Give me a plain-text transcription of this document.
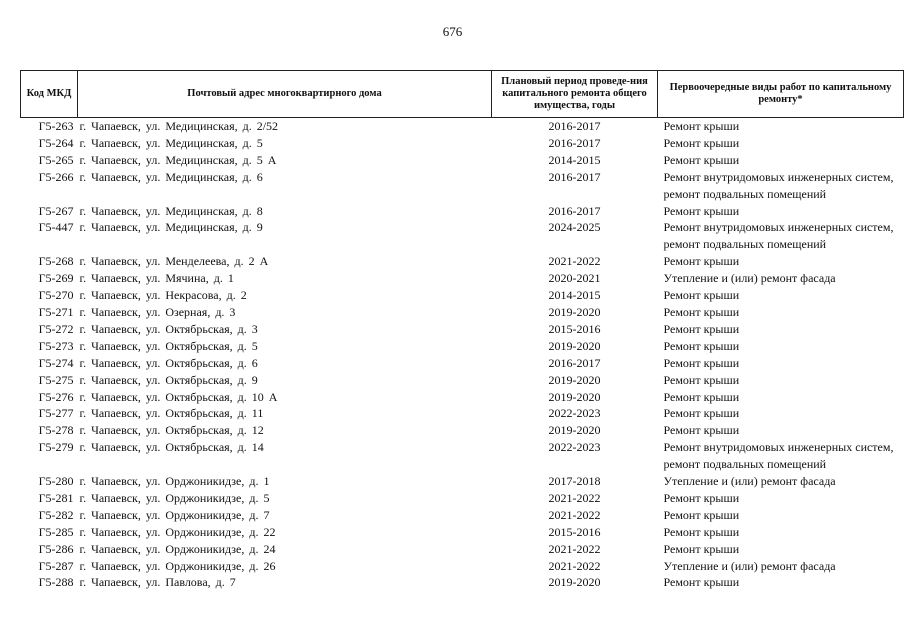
676
Код МКД	Почтовый адрес многоквартирного дома	Плановый период проведе-ния капитального ремонта общего имущества, годы	Первоочередные виды работ по капитальному ремонту*
Г5-263	г. Чапаевск, ул. Медицинская, д. 2/52	2016-2017	Ремонт крыши
Г5-264	г. Чапаевск, ул. Медицинская, д. 5	2016-2017	Ремонт крыши
Г5-265	г. Чапаевск, ул. Медицинская, д. 5 А	2014-2015	Ремонт крыши
Г5-266	г. Чапаевск, ул. Медицинская, д. 6	2016-2017	Ремонт внутридомовых инженерных систем, ремонт подвальных помещений
Г5-267	г. Чапаевск, ул. Медицинская, д. 8	2016-2017	Ремонт крыши
Г5-447	г. Чапаевск, ул. Медицинская, д. 9	2024-2025	Ремонт внутридомовых инженерных систем, ремонт подвальных помещений
Г5-268	г. Чапаевск, ул. Менделеева, д. 2 А	2021-2022	Ремонт крыши
Г5-269	г. Чапаевск, ул. Мячина, д. 1	2020-2021	Утепление и (или) ремонт фасада
Г5-270	г. Чапаевск, ул. Некрасова, д. 2	2014-2015	Ремонт крыши
Г5-271	г. Чапаевск, ул. Озерная, д. 3	2019-2020	Ремонт крыши
Г5-272	г. Чапаевск, ул. Октябрьская, д. 3	2015-2016	Ремонт крыши
Г5-273	г. Чапаевск, ул. Октябрьская, д. 5	2019-2020	Ремонт крыши
Г5-274	г. Чапаевск, ул. Октябрьская, д. 6	2016-2017	Ремонт крыши
Г5-275	г. Чапаевск, ул. Октябрьская, д. 9	2019-2020	Ремонт крыши
Г5-276	г. Чапаевск, ул. Октябрьская, д. 10 А	2019-2020	Ремонт крыши
Г5-277	г. Чапаевск, ул. Октябрьская, д. 11	2022-2023	Ремонт крыши
Г5-278	г. Чапаевск, ул. Октябрьская, д. 12	2019-2020	Ремонт крыши
Г5-279	г. Чапаевск, ул. Октябрьская, д. 14	2022-2023	Ремонт внутридомовых инженерных систем, ремонт подвальных помещений
Г5-280	г. Чапаевск, ул. Орджоникидзе, д. 1	2017-2018	Утепление и (или) ремонт фасада
Г5-281	г. Чапаевск, ул. Орджоникидзе, д. 5	2021-2022	Ремонт крыши
Г5-282	г. Чапаевск, ул. Орджоникидзе, д. 7	2021-2022	Ремонт крыши
Г5-285	г. Чапаевск, ул. Орджоникидзе, д. 22	2015-2016	Ремонт крыши
Г5-286	г. Чапаевск, ул. Орджоникидзе, д. 24	2021-2022	Ремонт крыши
Г5-287	г. Чапаевск, ул. Орджоникидзе, д. 26	2021-2022	Утепление и (или) ремонт фасада
Г5-288	г. Чапаевск, ул. Павлова, д. 7	2019-2020	Ремонт крыши
